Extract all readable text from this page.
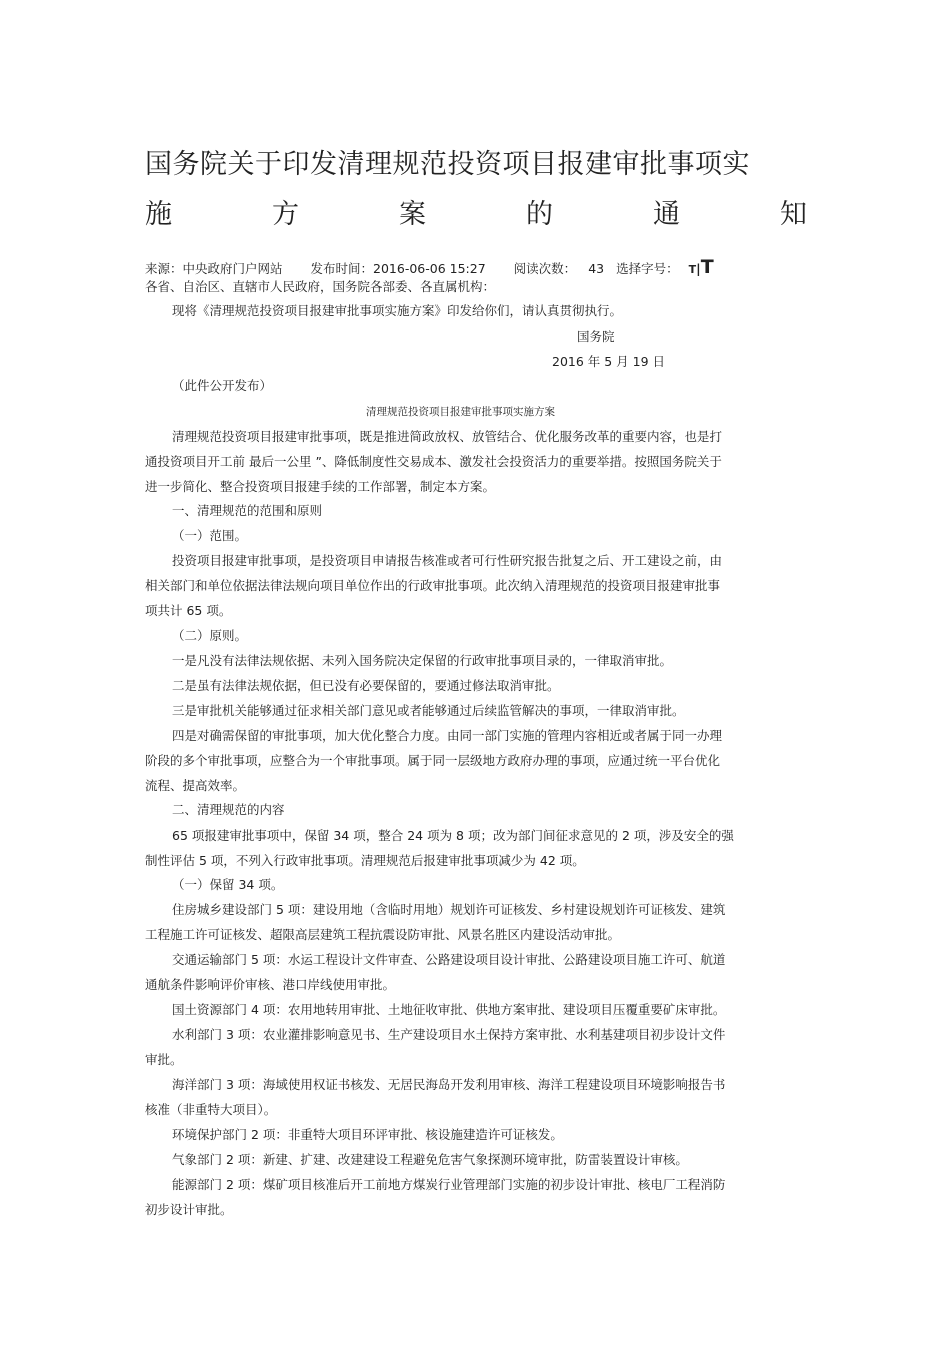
国务院关于印发清理规范投资项目报建审批事项实
施	方	案	的	通	知
来源：中央政府门户网站 发布时间： 2016-06-06 15:27 阅读次数： 43 选择字号： T|T
各省、自治区、直辖市人民政府，国务院各部委、各直属机构：
现将《清理规范投资项目报建审批事项实施方案》印发给你们，请认真贯彻执行。
国务院
2016 年 5 月 19 日
（此件公开发布）
清理规范投资项目报建审批事项实施方案
清理规范投资项目报建审批事项，既是推进简政放权、放管结合、优化服务改革的重要内容，也是打
通投资项目开工前 最后一公里 ”、降低制度性交易成本、激发社会投资活力的重要举措。按照国务院关于
进一步简化、整合投资项目报建手续的工作部署，制定本方案。
一、清理规范的范围和原则
（一）范围。
投资项目报建审批事项，是投资项目申请报告核准或者可行性研究报告批复之后、开工建设之前，由
相关部门和单位依据法律法规向项目单位作出的行政审批事项。此次纳入清理规范的投资项目报建审批事
项共计 65 项。
（二）原则。
一是凡没有法律法规依据、未列入国务院决定保留的行政审批事项目录的，一律取消审批。
二是虽有法律法规依据，但已没有必要保留的，要通过修法取消审批。
三是审批机关能够通过征求相关部门意见或者能够通过后续监管解决的事项，一律取消审批。
四是对确需保留的审批事项，加大优化整合力度。由同一部门实施的管理内容相近或者属于同一办理
阶段的多个审批事项，应整合为一个审批事项。属于同一层级地方政府办理的事项，应通过统一平台优化
流程、提高效率。
二、清理规范的内容
65 项报建审批事项中，保留 34 项，整合 24 项为 8 项；改为部门间征求意见的 2 项，涉及安全的强
制性评估 5 项，不列入行政审批事项。清理规范后报建审批事项减少为 42 项。
（一）保留 34 项。
住房城乡建设部门 5 项：建设用地（含临时用地）规划许可证核发、乡村建设规划许可证核发、建筑
工程施工许可证核发、超限高层建筑工程抗震设防审批、风景名胜区内建设活动审批。
交通运输部门 5 项：水运工程设计文件审查、公路建设项目设计审批、公路建设项目施工许可、航道
通航条件影响评价审核、港口岸线使用审批。
国土资源部门 4 项：农用地转用审批、土地征收审批、供地方案审批、建设项目压覆重要矿床审批。
水利部门 3 项：农业灌排影响意见书、生产建设项目水土保持方案审批、水利基建项目初步设计文件
审批。
海洋部门 3 项：海域使用权证书核发、无居民海岛开发利用审核、海洋工程建设项目环境影响报告书
核准（非重特大项目）。
环境保护部门 2 项：非重特大项目环评审批、核设施建造许可证核发。
气象部门 2 项：新建、扩建、改建建设工程避免危害气象探测环境审批，防雷装置设计审核。
能源部门 2 项：煤矿项目核准后开工前地方煤炭行业管理部门实施的初步设计审批、核电厂工程消防
初步设计审批。
